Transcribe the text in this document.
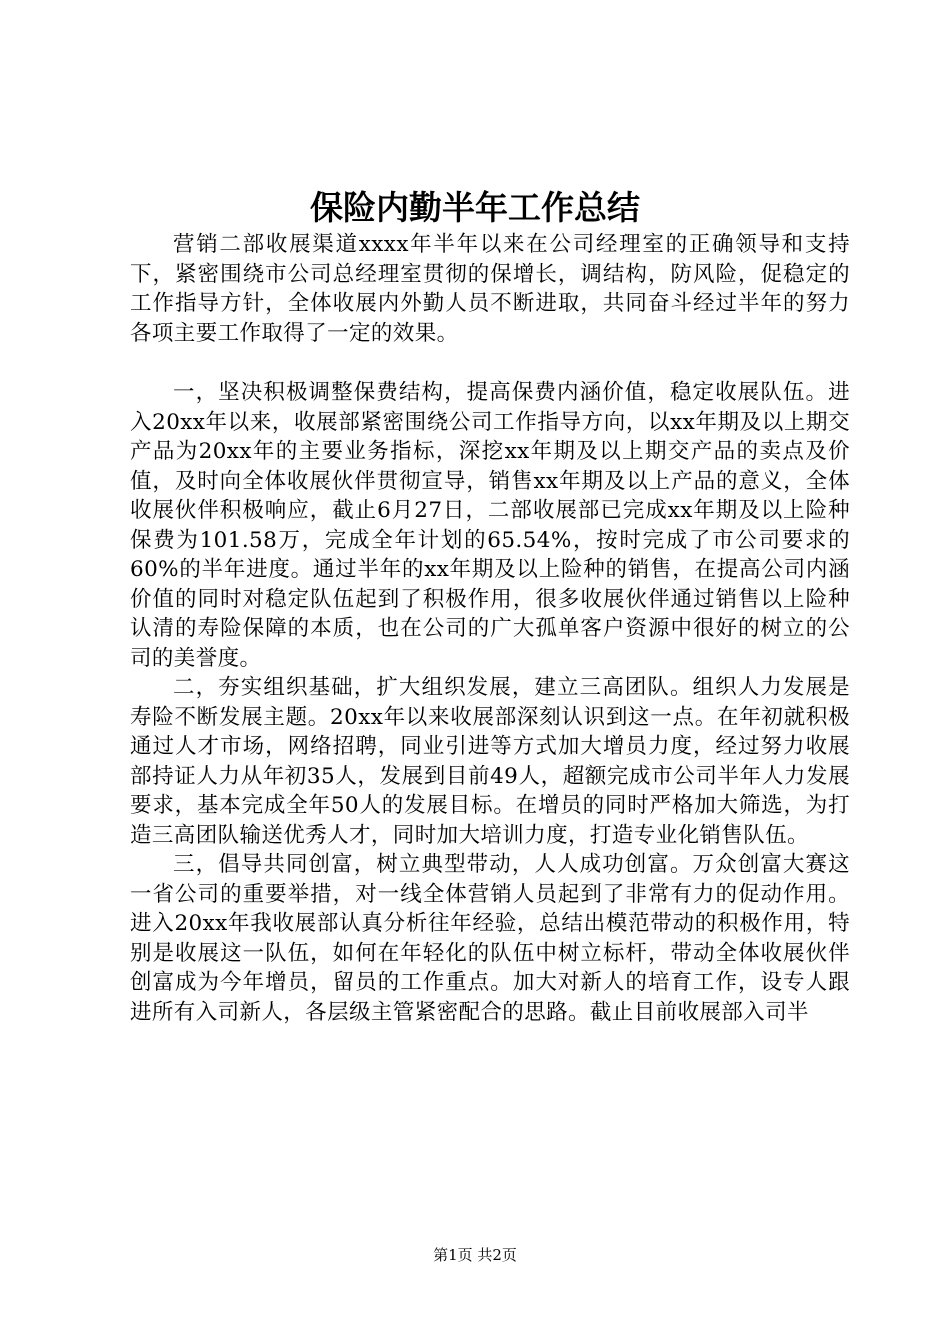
保险内勤半年工作总结

营销二部收展渠道xxxx年半年以来在公司经理室的正确领导和支持下，紧密围绕市公司总经理室贯彻的保增长，调结构，防风险，促稳定的工作指导方针，全体收展内外勤人员不断进取，共同奋斗经过半年的努力各项主要工作取得了一定的效果。

一，坚决积极调整保费结构，提高保费内涵价值，稳定收展队伍。进入20xx年以来，收展部紧密围绕公司工作指导方向，以xx年期及以上期交产品为20xx年的主要业务指标，深挖xx年期及以上期交产品的卖点及价值，及时向全体收展伙伴贯彻宣导，销售xx年期及以上产品的意义，全体收展伙伴积极响应，截止6月27日，二部收展部已完成xx年期及以上险种保费为101.58万，完成全年计划的65.54%，按时完成了市公司要求的60%的半年进度。通过半年的xx年期及以上险种的销售，在提高公司内涵价值的同时对稳定队伍起到了积极作用，很多收展伙伴通过销售以上险种认清的寿险保障的本质，也在公司的广大孤单客户资源中很好的树立的公司的美誉度。

二，夯实组织基础，扩大组织发展，建立三高团队。组织人力发展是寿险不断发展主题。20xx年以来收展部深刻认识到这一点。在年初就积极通过人才市场，网络招聘，同业引进等方式加大增员力度，经过努力收展部持证人力从年初35人，发展到目前49人，超额完成市公司半年人力发展要求，基本完成全年50人的发展目标。在增员的同时严格加大筛选，为打造三高团队输送优秀人才，同时加大培训力度，打造专业化销售队伍。

三，倡导共同创富，树立典型带动，人人成功创富。万众创富大赛这一省公司的重要举措，对一线全体营销人员起到了非常有力的促动作用。进入20xx年我收展部认真分析往年经验，总结出模范带动的积极作用，特别是收展这一队伍，如何在年轻化的队伍中树立标杆，带动全体收展伙伴创富成为今年增员，留员的工作重点。加大对新人的培育工作，设专人跟进所有入司新人，各层级主管紧密配合的思路。截止目前收展部入司半

第1页 共2页
